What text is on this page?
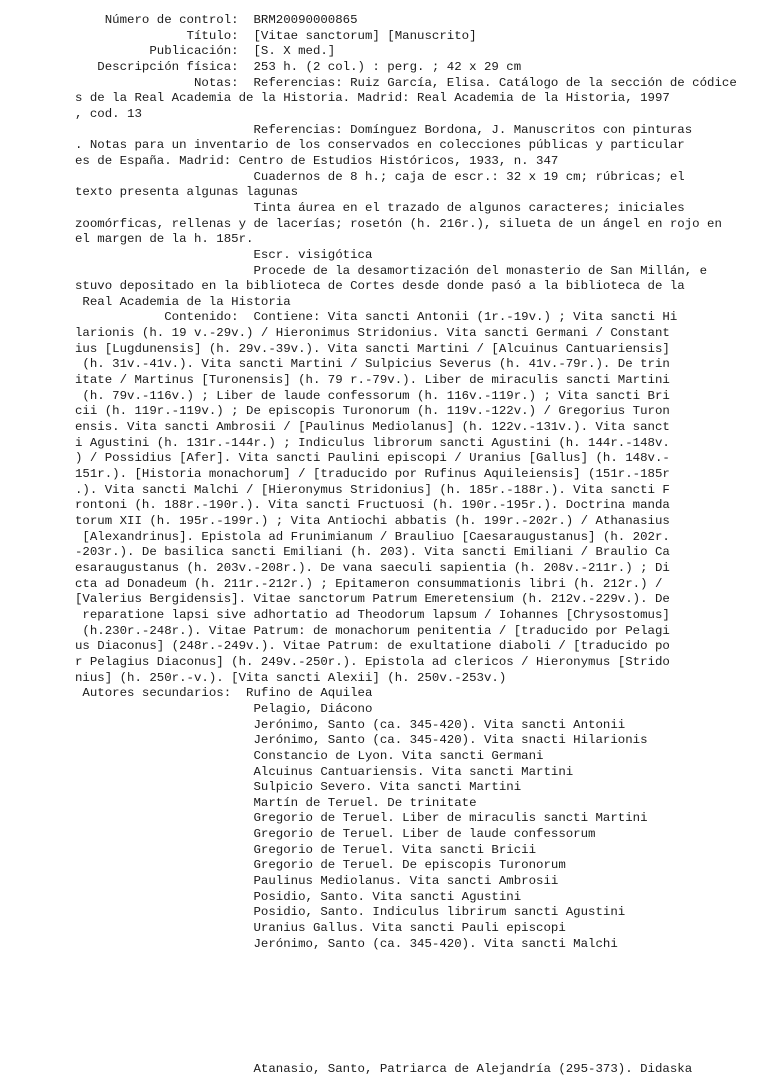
Número de control:  BRM20090000865
Título:  [Vitae sanctorum] [Manuscrito]
Publicación:  [S. X med.]
Descripción física:  253 h. (2 col.) : perg. ; 42 x 29 cm
Notas:  Referencias: Ruiz García, Elisa. Catálogo de la sección de códice
s de la Real Academia de la Historia. Madrid: Real Academia de la Historia, 1997
, cod. 13
Referencias: Domínguez Bordona, J. Manuscritos con pinturas
. Notas para un inventario de los conservados en colecciones públicas y particular
es de España. Madrid: Centro de Estudios Históricos, 1933, n. 347
Cuadernos de 8 h.; caja de escr.: 32 x 19 cm; rúbricas; el
texto presenta algunas lagunas
Tinta áurea en el trazado de algunos caracteres; iniciales
zoomórficas, rellenas y de lacerías; rosetón (h. 216r.), silueta de un ángel en rojo en
el margen de la h. 185r.
Escr. visigótica
Procede de la desamortización del monasterio de San Millán, e
stuvo depositado en la biblioteca de Cortes desde donde pasó a la biblioteca de la
Real Academia de la Historia
Contenido:  Contiene: Vita sancti Antonii (1r.-19v.) ; Vita sancti Hi
larionis (h. 19 v.-29v.) / Hieronimus Stridonius. Vita sancti Germani / Constant
ius [Lugdunensis] (h. 29v.-39v.). Vita sancti Martini / [Alcuinus Cantuariensis]
(h. 31v.-41v.). Vita sancti Martini / Sulpicius Severus (h. 41v.-79r.). De trin
itate / Martinus [Turonensis] (h. 79 r.-79v.). Liber de miraculis sancti Martini
(h. 79v.-116v.) ; Liber de laude confessorum (h. 116v.-119r.) ; Vita sancti Bri
cii (h. 119r.-119v.) ; De episcopis Turonorum (h. 119v.-122v.) / Gregorius Turon
ensis. Vita sancti Ambrosii / [Paulinus Mediolanus] (h. 122v.-131v.). Vita sanct
i Agustini (h. 131r.-144r.) ; Indiculus librorum sancti Agustini (h. 144r.-148v.
) / Possidius [Afer]. Vita sancti Paulini episcopi / Uranius [Gallus] (h. 148v.-
151r.). [Historia monachorum] / [traducido por Rufinus Aquileiensis] (151r.-185r
.). Vita sancti Malchi / [Hieronymus Stridonius] (h. 185r.-188r.). Vita sancti F
rontoni (h. 188r.-190r.). Vita sancti Fructuosi (h. 190r.-195r.). Doctrina manda
torum XII (h. 195r.-199r.) ; Vita Antiochi abbatis (h. 199r.-202r.) / Athanasius
[Alexandrinus]. Epistola ad Frunimianum / Brauliuo [Caesaraugustanus] (h. 202r.
-203r.). De basilica sancti Emiliani (h. 203). Vita sancti Emiliani / Braulio Ca
esaraugustanus (h. 203v.-208r.). De vana saeculi sapientia (h. 208v.-211r.) ; Di
cta ad Donadeum (h. 211r.-212r.) ; Epitameron consummationis libri (h. 212r.) /
[Valerius Bergidensis]. Vitae sanctorum Patrum Emeretensium (h. 212v.-229v.). De
reparatione lapsi sive adhortatio ad Theodorum lapsum / Iohannes [Chrysostomus]
(h.230r.-248r.). Vitae Patrum: de monachorum penitentia / [traducido por Pelagi
us Diaconus] (248r.-249v.). Vitae Patrum: de exultatione diaboli / [traducido po
r Pelagius Diaconus] (h. 249v.-250r.). Epistola ad clericos / Hieronymus [Strido
nius] (h. 250r.-v.). [Vita sancti Alexii] (h. 250v.-253v.)
Autores secundarios:  Rufino de Aquilea
Pelagio, Diácono
Jerónimo, Santo (ca. 345-420). Vita sancti Antonii
Jerónimo, Santo (ca. 345-420). Vita snacti Hilarionis
Constancio de Lyon. Vita sancti Germani
Alcuinus Cantuariensis. Vita sancti Martini
Sulpicio Severo. Vita sancti Martini
Martín de Teruel. De trinitate
Gregorio de Teruel. Liber de miraculis sancti Martini
Gregorio de Teruel. Liber de laude confessorum
Gregorio de Teruel. Vita sancti Bricii
Gregorio de Teruel. De episcopis Turonorum
Paulinus Mediolanus. Vita sancti Ambrosii
Posidio, Santo. Vita sancti Agustini
Posidio, Santo. Indiculus librirum sancti Agustini
Uranius Gallus. Vita sancti Pauli episcopi
Jerónimo, Santo (ca. 345-420). Vita sancti Malchi
Atanasio, Santo, Patriarca de Alejandría (295-373). Didaska
